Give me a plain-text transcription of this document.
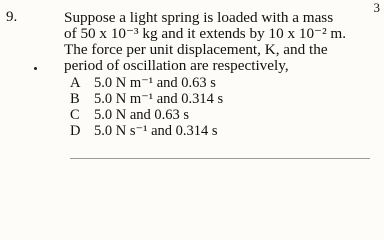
3
9.	Suppose a light spring is loaded with a mass
of 50 x 10⁻³ kg and it extends by 10 x 10⁻² m.
The force per unit displacement, K, and the
period of oscillation are respectively,
A 5.0 N m⁻¹ and 0.63 s
B 5.0 N m⁻¹ and 0.314 s
C 5.0 N and 0.63 s
D 5.0 N s⁻¹ and 0.314 s
